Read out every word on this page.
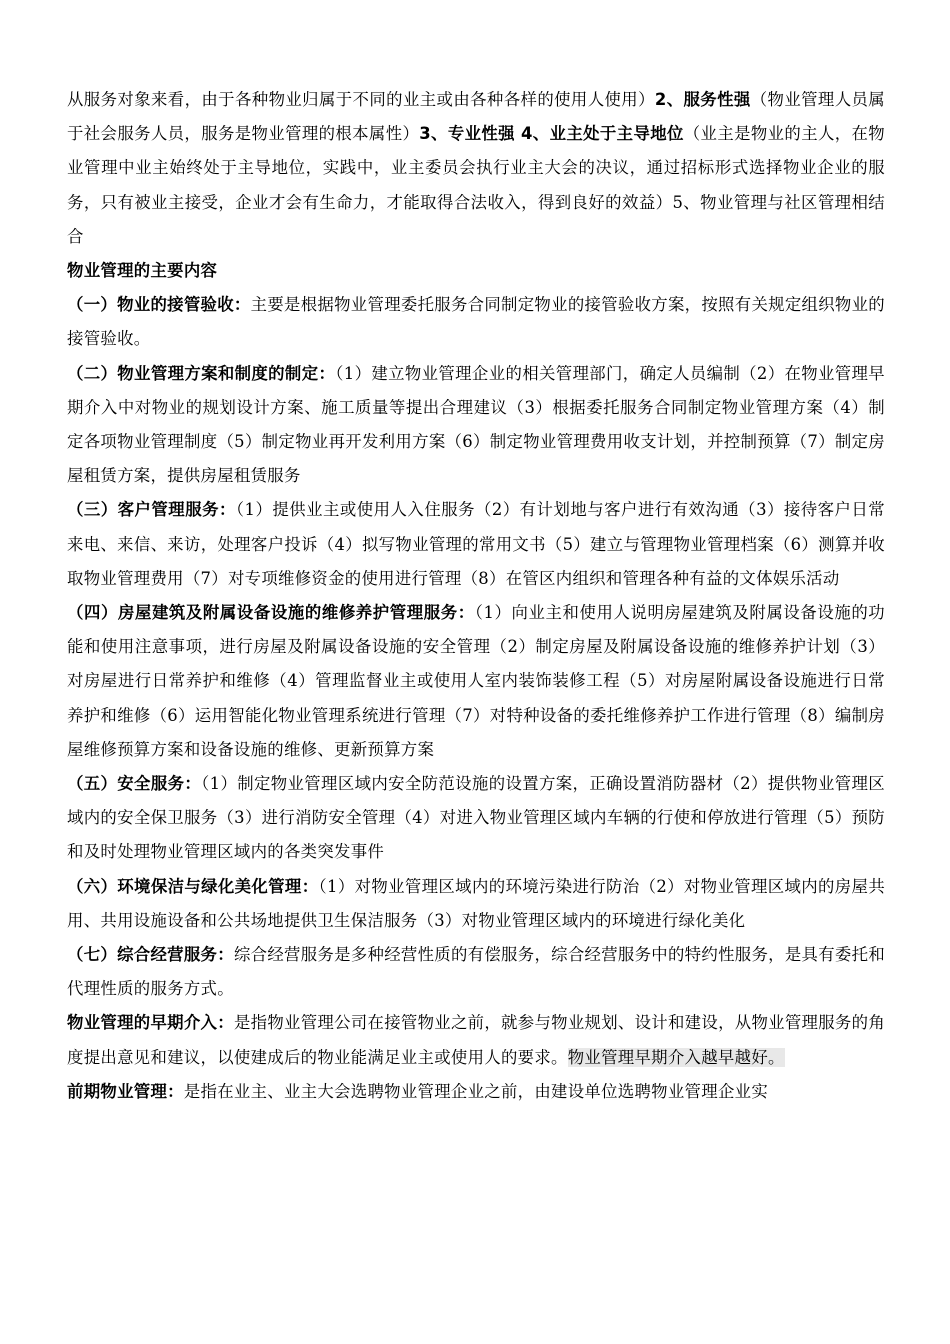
从服务对象来看，由于各种物业归属于不同的业主或由各种各样的使用人使用）2、服务性强（物业管理人员属于社会服务人员，服务是物业管理的根本属性）3、专业性强 4、业主处于主导地位（业主是物业的主人，在物业管理中业主始终处于主导地位，实践中，业主委员会执行业主大会的决议，通过招标形式选择物业企业的服务，只有被业主接受，企业才会有生命力，才能取得合法收入，得到良好的效益）5、物业管理与社区管理相结合

物业管理的主要内容

（一）物业的接管验收：主要是根据物业管理委托服务合同制定物业的接管验收方案，按照有关规定组织物业的接管验收。

（二）物业管理方案和制度的制定：（1）建立物业管理企业的相关管理部门，确定人员编制（2）在物业管理早期介入中对物业的规划设计方案、施工质量等提出合理建议（3）根据委托服务合同制定物业管理方案（4）制定各项物业管理制度（5）制定物业再开发利用方案（6）制定物业管理费用收支计划，并控制预算（7）制定房屋租赁方案，提供房屋租赁服务

（三）客户管理服务：（1）提供业主或使用人入住服务（2）有计划地与客户进行有效沟通（3）接待客户日常来电、来信、来访，处理客户投诉（4）拟写物业管理的常用文书（5）建立与管理物业管理档案（6）测算并收取物业管理费用（7）对专项维修资金的使用进行管理（8）在管区内组织和管理各种有益的文体娱乐活动

（四）房屋建筑及附属设备设施的维修养护管理服务：（1）向业主和使用人说明房屋建筑及附属设备设施的功能和使用注意事项，进行房屋及附属设备设施的安全管理（2）制定房屋及附属设备设施的维修养护计划（3）对房屋进行日常养护和维修（4）管理监督业主或使用人室内装饰装修工程（5）对房屋附属设备设施进行日常养护和维修（6）运用智能化物业管理系统进行管理（7）对特种设备的委托维修养护工作进行管理（8）编制房屋维修预算方案和设备设施的维修、更新预算方案

（五）安全服务：（1）制定物业管理区域内安全防范设施的设置方案，正确设置消防器材（2）提供物业管理区域内的安全保卫服务（3）进行消防安全管理（4）对进入物业管理区域内车辆的行使和停放进行管理（5）预防和及时处理物业管理区域内的各类突发事件

（六）环境保洁与绿化美化管理：（1）对物业管理区域内的环境污染进行防治（2）对物业管理区域内的房屋共用、共用设施设备和公共场地提供卫生保洁服务（3）对物业管理区域内的环境进行绿化美化

（七）综合经营服务：综合经营服务是多种经营性质的有偿服务，综合经营服务中的特约性服务，是具有委托和代理性质的服务方式。

物业管理的早期介入：是指物业管理公司在接管物业之前，就参与物业规划、设计和建设，从物业管理服务的角度提出意见和建议，以使建成后的物业能满足业主或使用人的要求。物业管理早期介入越早越好。

前期物业管理：是指在业主、业主大会选聘物业管理企业之前，由建设单位选聘物业管理企业实
